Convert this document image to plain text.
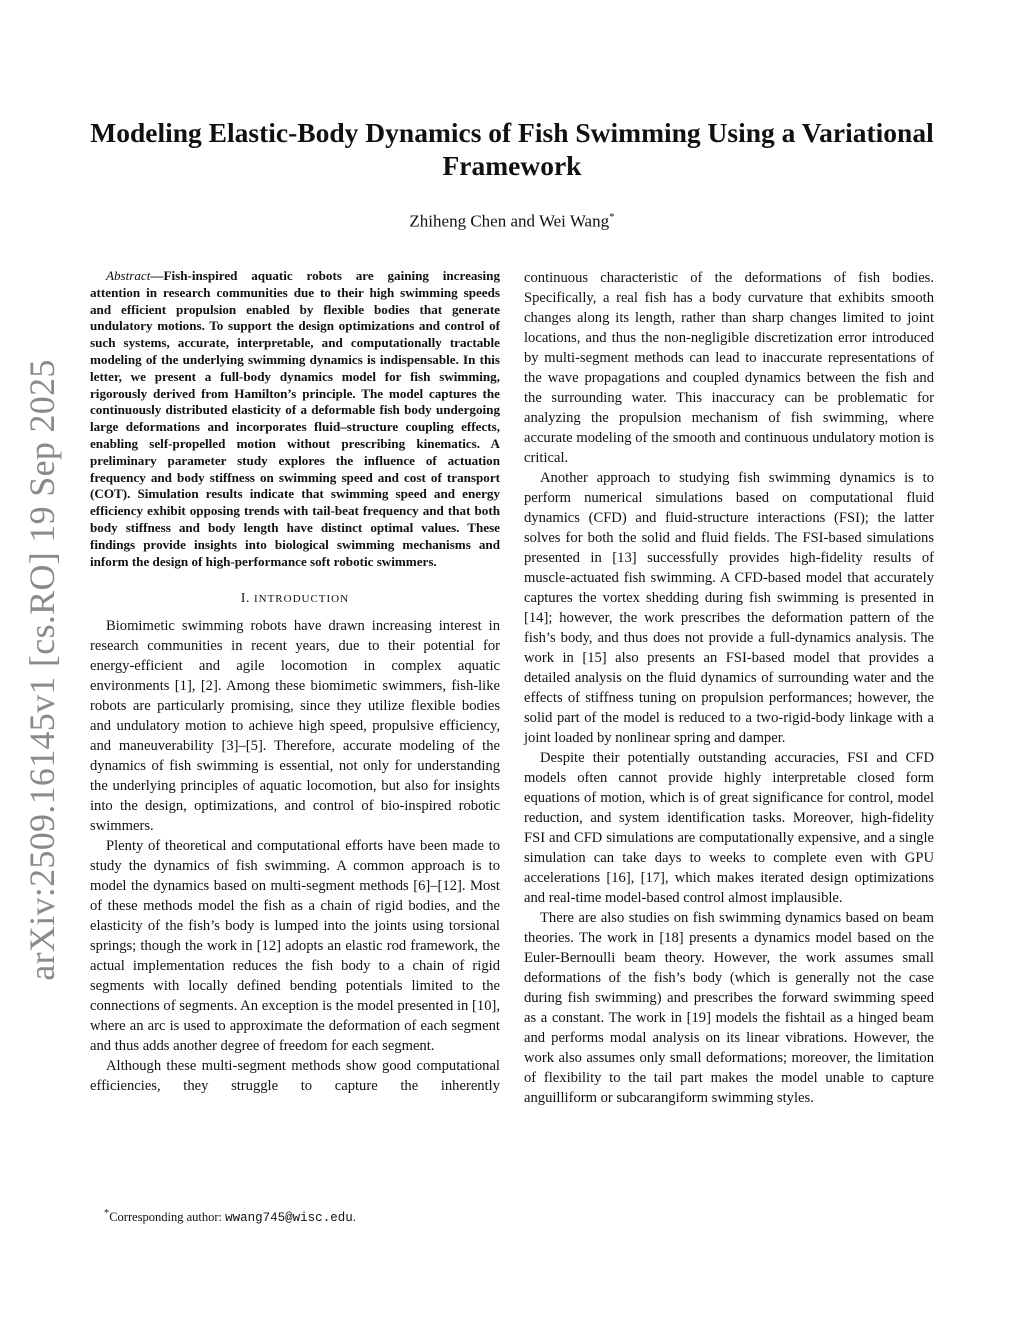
arXiv:2509.16145v1 [cs.RO] 19 Sep 2025
Modeling Elastic-Body Dynamics of Fish Swimming Using a Variational Framework
Zhiheng Chen and Wei Wang*

Abstract—Fish-inspired aquatic robots are gaining increasing attention in research communities due to their high swimming speeds and efficient propulsion enabled by flexible bodies that generate undulatory motions. To support the design optimizations and control of such systems, accurate, interpretable, and computationally tractable modeling of the underlying swimming dynamics is indispensable. In this letter, we present a full-body dynamics model for fish swimming, rigorously derived from Hamilton’s principle. The model captures the continuously distributed elasticity of a deformable fish body undergoing large deformations and incorporates fluid–structure coupling effects, enabling self-propelled motion without prescribing kinematics. A preliminary parameter study explores the influence of actuation frequency and body stiffness on swimming speed and cost of transport (COT). Simulation results indicate that swimming speed and energy efficiency exhibit opposing trends with tail-beat frequency and that both body stiffness and body length have distinct optimal values. These findings provide insights into biological swimming mechanisms and inform the design of high-performance soft robotic swimmers.

I. INTRODUCTION

Biomimetic swimming robots have drawn increasing interest in research communities in recent years, due to their potential for energy-efficient and agile locomotion in complex aquatic environments [1], [2]. Among these biomimetic swimmers, fish-like robots are particularly promising, since they utilize flexible bodies and undulatory motion to achieve high speed, propulsive efficiency, and maneuverability [3]–[5]. Therefore, accurate modeling of the dynamics of fish swimming is essential, not only for understanding the underlying principles of aquatic locomotion, but also for insights into the design, optimizations, and control of bio-inspired robotic swimmers.

Plenty of theoretical and computational efforts have been made to study the dynamics of fish swimming. A common approach is to model the dynamics based on multi-segment methods [6]–[12]. Most of these methods model the fish as a chain of rigid bodies, and the elasticity of the fish’s body is lumped into the joints using torsional springs; though the work in [12] adopts an elastic rod framework, the actual implementation reduces the fish body to a chain of rigid segments with locally defined bending potentials limited to the connections of segments. An exception is the model presented in [10], where an arc is used to approximate the deformation of each segment and thus adds another degree of freedom for each segment.

Although these multi-segment methods show good computational efficiencies, they struggle to capture the inherently

continuous characteristic of the deformations of fish bodies. Specifically, a real fish has a body curvature that exhibits smooth changes along its length, rather than sharp changes limited to joint locations, and thus the non-negligible discretization error introduced by multi-segment methods can lead to inaccurate representations of the wave propagations and coupled dynamics between the fish and the surrounding water. This inaccuracy can be problematic for analyzing the propulsion mechanism of fish swimming, where accurate modeling of the smooth and continuous undulatory motion is critical.

Another approach to studying fish swimming dynamics is to perform numerical simulations based on computational fluid dynamics (CFD) and fluid-structure interactions (FSI); the latter solves for both the solid and fluid fields. The FSI-based simulations presented in [13] successfully provides high-fidelity results of muscle-actuated fish swimming. A CFD-based model that accurately captures the vortex shedding during fish swimming is presented in [14]; however, the work prescribes the deformation pattern of the fish’s body, and thus does not provide a full-dynamics analysis. The work in [15] also presents an FSI-based model that provides a detailed analysis on the fluid dynamics of surrounding water and the effects of stiffness tuning on propulsion performances; however, the solid part of the model is reduced to a two-rigid-body linkage with a joint loaded by nonlinear spring and damper.

Despite their potentially outstanding accuracies, FSI and CFD models often cannot provide highly interpretable closed form equations of motion, which is of great significance for control, model reduction, and system identification tasks. Moreover, high-fidelity FSI and CFD simulations are computationally expensive, and a single simulation can take days to weeks to complete even with GPU accelerations [16], [17], which makes iterated design optimizations and real-time model-based control almost implausible.

There are also studies on fish swimming dynamics based on beam theories. The work in [18] presents a dynamics model based on the Euler-Bernoulli beam theory. However, the work assumes small deformations of the fish’s body (which is generally not the case during fish swimming) and prescribes the forward swimming speed as a constant. The work in [19] models the fishtail as a hinged beam and performs modal analysis on its linear vibrations. However, the work also assumes only small deformations; moreover, the limitation of flexibility to the tail part makes the model unable to capture anguilliform or subcarangiform swimming styles.

*Corresponding author: wwang745@wisc.edu.
